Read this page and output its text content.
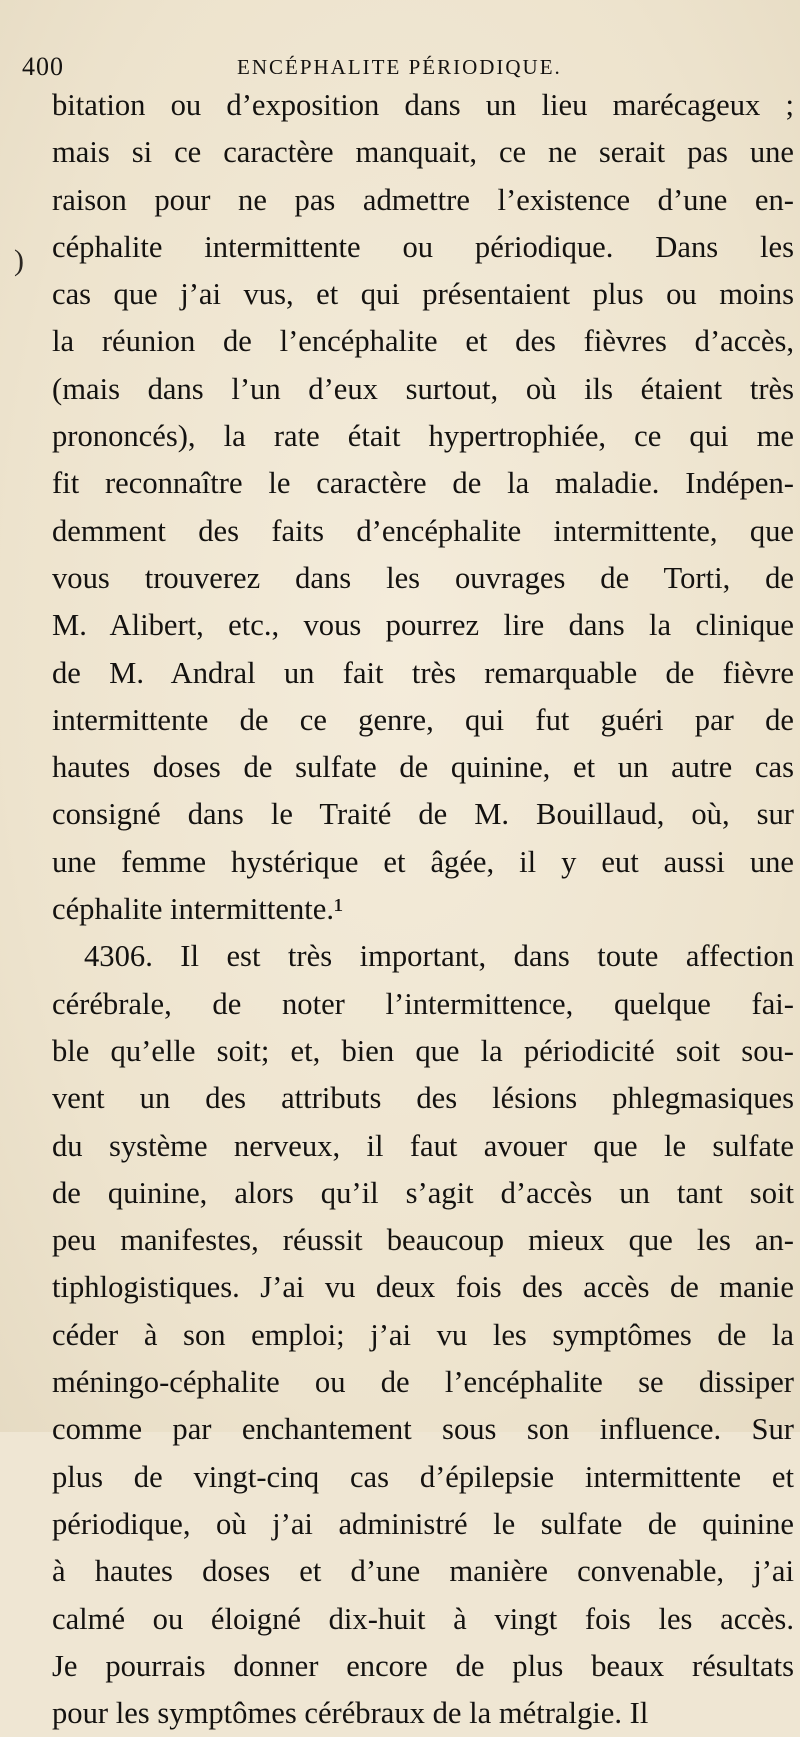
400	ENCÉPHALITE PÉRIODIQUE.
)
bitation ou d’exposition dans un lieu marécageux ;
mais si ce caractère manquait, ce ne serait pas une
raison pour ne pas admettre l’existence d’une en-
céphalite intermittente ou périodique. Dans les
cas que j’ai vus, et qui présentaient plus ou moins
la réunion de l’encéphalite et des fièvres d’accès,
(mais dans l’un d’eux surtout, où ils étaient très
prononcés), la rate était hypertrophiée, ce qui me
fit reconnaître le caractère de la maladie. Indépen-
demment des faits d’encéphalite intermittente, que
vous trouverez dans les ouvrages de Torti, de
M. Alibert, etc., vous pourrez lire dans la clinique
de M. Andral un fait très remarquable de fièvre
intermittente de ce genre, qui fut guéri par de
hautes doses de sulfate de quinine, et un autre cas
consigné dans le Traité de M. Bouillaud, où, sur
une femme hystérique et âgée, il y eut aussi une
céphalite intermittente.¹
4306. Il est très important, dans toute affection
cérébrale, de noter l’intermittence, quelque fai-
ble qu’elle soit; et, bien que la périodicité soit sou-
vent un des attributs des lésions phlegmasiques
du système nerveux, il faut avouer que le sulfate
de quinine, alors qu’il s’agit d’accès un tant soit
peu manifestes, réussit beaucoup mieux que les an-
tiphlogistiques. J’ai vu deux fois des accès de manie
céder à son emploi; j’ai vu les symptômes de la
méningo-céphalite ou de l’encéphalite se dissiper
comme par enchantement sous son influence. Sur
plus de vingt-cinq cas d’épilepsie intermittente et
périodique, où j’ai administré le sulfate de quinine
à hautes doses et d’une manière convenable, j’ai
calmé ou éloigné dix-huit à vingt fois les accès.
Je pourrais donner encore de plus beaux résultats
pour les symptômes cérébraux de la métralgie. Il
